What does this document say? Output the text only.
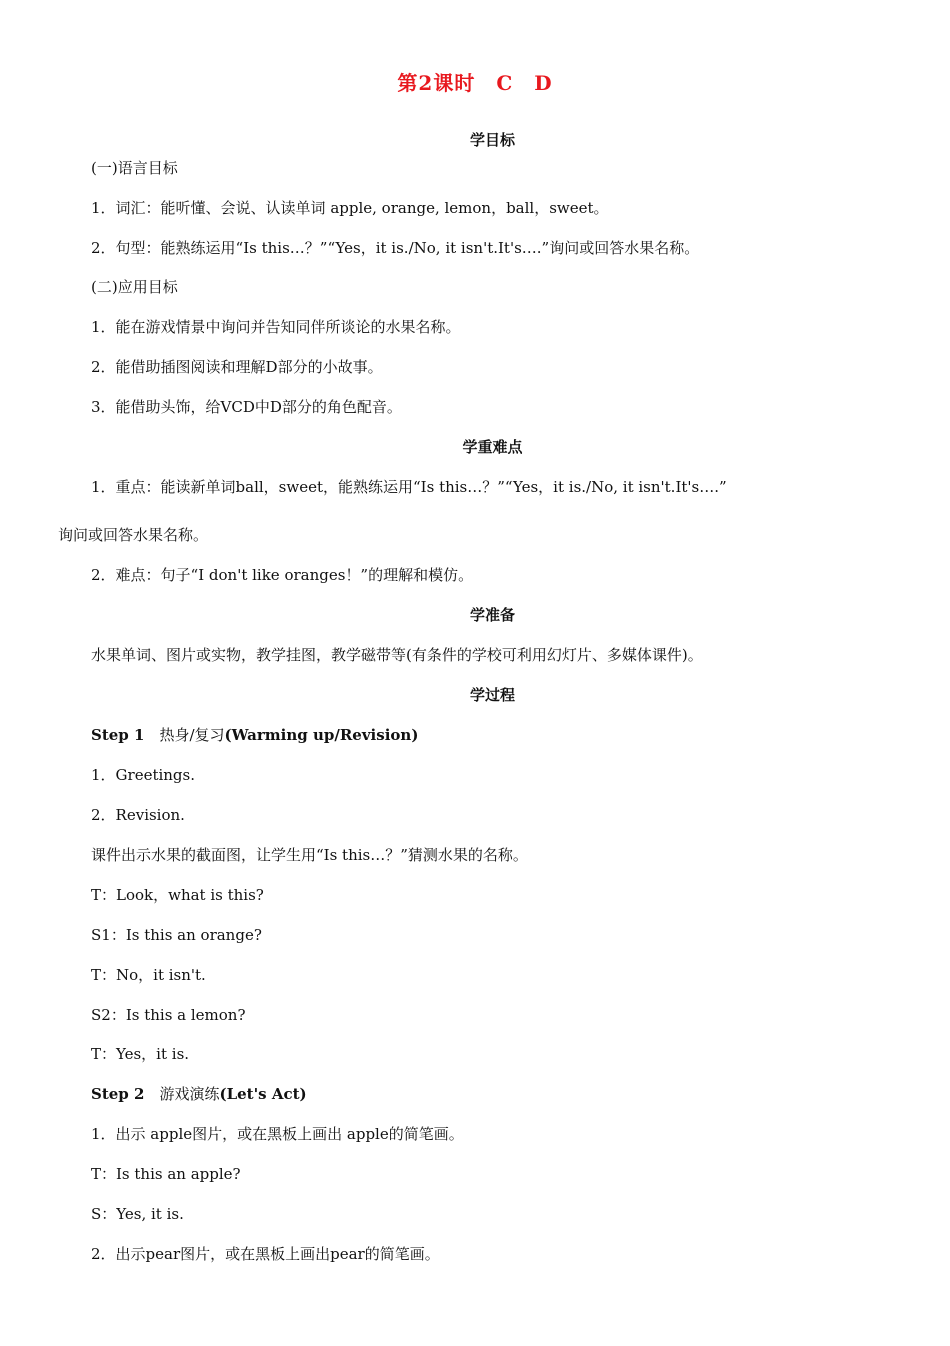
第2课时　C　D
学目标
(一)语言目标
1．词汇：能听懂、会说、认读单词 apple, orange, lemon，ball，sweet。
2．句型：能熟练运用“Is this…？”“Yes，it is./No, it isn't.It's….”询问或回答水果名称。
(二)应用目标
1．能在游戏情景中询问并告知同伴所谈论的水果名称。
2．能借助插图阅读和理解D部分的小故事。
3．能借助头饰，给VCD中D部分的角色配音。
学重难点
1．重点：能读新单词ball，sweet，能熟练运用“Is this…？”“Yes，it is./No, it isn't.It's….”
询问或回答水果名称。
2．难点：句子“I don't like oranges！”的理解和模仿。
学准备
水果单词、图片或实物，教学挂图，教学磁带等(有条件的学校可利用幻灯片、多媒体课件)。
学过程
Step 1　热身/复习(Warming up/Revision)
1．Greetings.
2．Revision.
课件出示水果的截面图，让学生用“Is this…？”猜测水果的名称。
T：Look，what is this?
S1：Is this an orange?
T：No，it isn't.
S2：Is this a lemon?
T：Yes，it is.
Step 2　游戏演练(Let's Act)
1．出示 apple图片，或在黑板上画出 apple的简笔画。
T：Is this an apple?
S：Yes, it is.
2．出示pear图片，或在黑板上画出pear的简笔画。
